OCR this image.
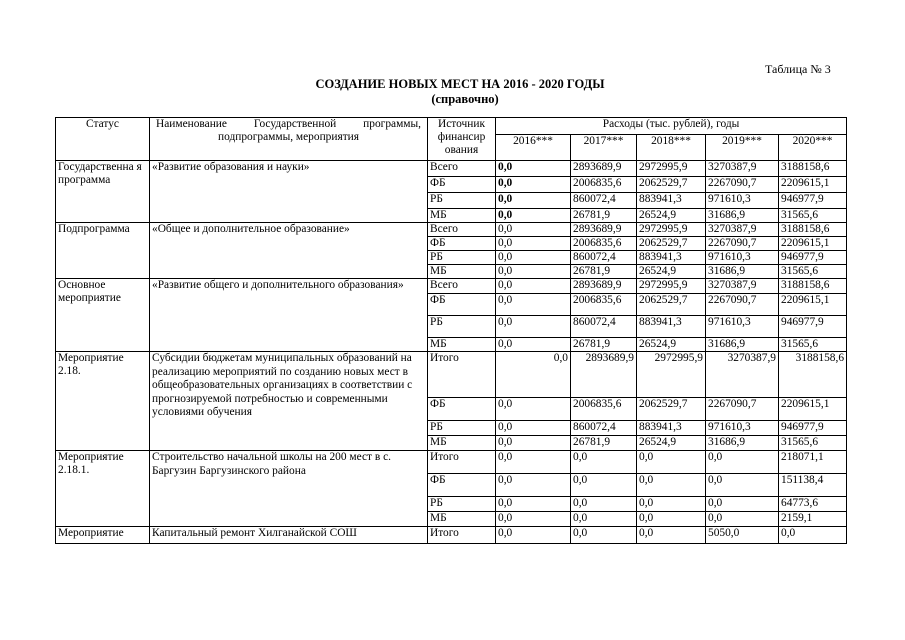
Таблица № 3
СОЗДАНИЕ НОВЫХ МЕСТ НА 2016 - 2020 ГОДЫ
(справочно)
Статус	Наименование Государственной программы, подпрограммы, мероприятия	Источник финансир ования	Расходы (тыс. рублей), годы				
			2016***	2017***	2018***	2019***	2020***
Государственна я программа	«Развитие образования и науки»	Всего	0,0	2893689,9	2972995,9	3270387,9	3188158,6
		ФБ	0,0	2006835,6	2062529,7	2267090,7	2209615,1
		РБ	0,0	860072,4	883941,3	971610,3	946977,9
		МБ	0,0	26781,9	26524,9	31686,9	31565,6
Подпрограмма	«Общее и дополнительное образование»	Всего	0,0	2893689,9	2972995,9	3270387,9	3188158,6
		ФБ	0,0	2006835,6	2062529,7	2267090,7	2209615,1
		РБ	0,0	860072,4	883941,3	971610,3	946977,9
		МБ	0,0	26781,9	26524,9	31686,9	31565,6
Основное мероприятие	«Развитие общего и дополнительного образования»	Всего	0,0	2893689,9	2972995,9	3270387,9	3188158,6
		ФБ	0,0	2006835,6	2062529,7	2267090,7	2209615,1
		РБ	0,0	860072,4	883941,3	971610,3	946977,9
		МБ	0,0	26781,9	26524,9	31686,9	31565,6
Мероприятие 2.18.	Субсидии бюджетам муниципальных образований на реализацию мероприятий по созданию новых мест в общеобразовательных организациях в соответствии с прогнозируемой потребностью и современными условиями обучения	Итого	0,0	2893689,9	2972995,9	3270387,9	3188158,6
		ФБ	0,0	2006835,6	2062529,7	2267090,7	2209615,1
		РБ	0,0	860072,4	883941,3	971610,3	946977,9
		МБ	0,0	26781,9	26524,9	31686,9	31565,6
Мероприятие 2.18.1.	Строительство начальной школы на 200 мест в с. Баргузин Баргузинского района	Итого	0,0	0,0	0,0	0,0	218071,1
		ФБ	0,0	0,0	0,0	0,0	151138,4
		РБ	0,0	0,0	0,0	0,0	64773,6
		МБ	0,0	0,0	0,0	0,0	2159,1
Мероприятие	Капитальный ремонт Хилганайской СОШ	Итого	0,0	0,0	0,0	5050,0	0,0
